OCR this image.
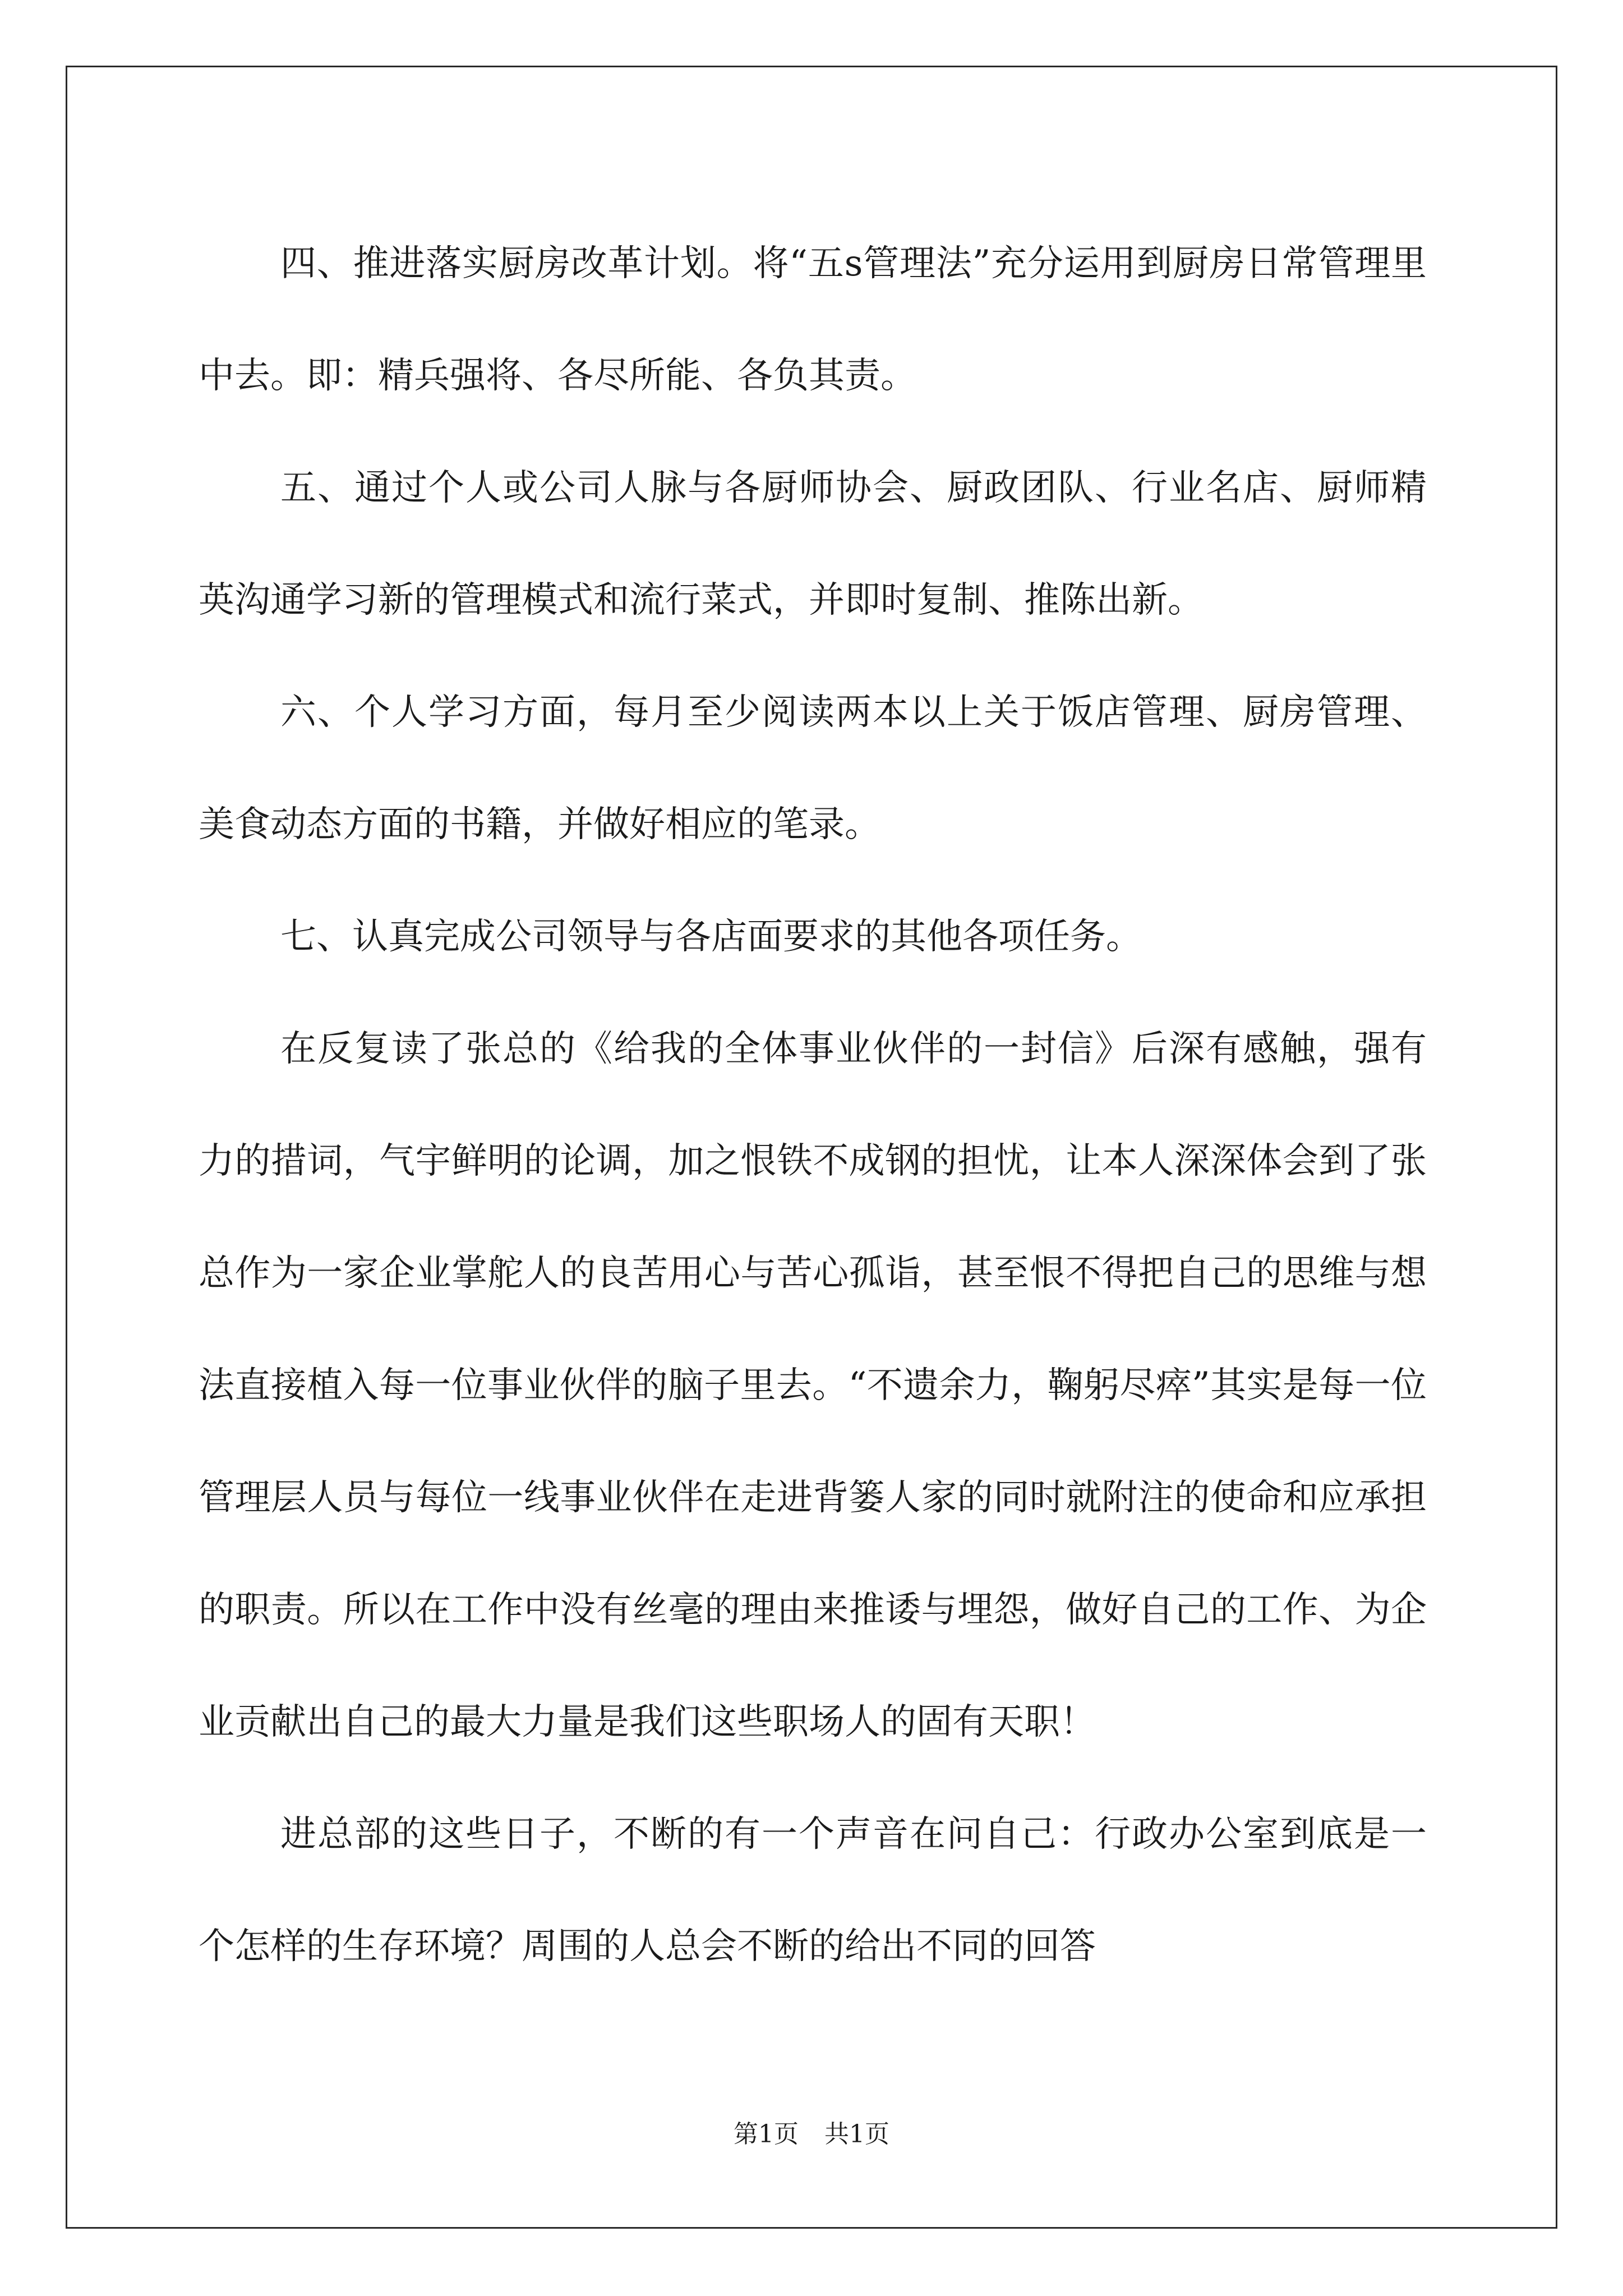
四、推进落实厨房改革计划。将“五s管理法”充分运用到厨房日常管理里中去。即：精兵强将、各尽所能、各负其责。

五、通过个人或公司人脉与各厨师协会、厨政团队、行业名店、厨师精英沟通学习新的管理模式和流行菜式，并即时复制、推陈出新。

六、个人学习方面，每月至少阅读两本以上关于饭店管理、厨房管理、美食动态方面的书籍，并做好相应的笔录。

七、认真完成公司领导与各店面要求的其他各项任务。

在反复读了张总的《给我的全体事业伙伴的一封信》后深有感触，强有力的措词，气宇鲜明的论调，加之恨铁不成钢的担忧，让本人深深体会到了张总作为一家企业掌舵人的良苦用心与苦心孤诣，甚至恨不得把自己的思维与想法直接植入每一位事业伙伴的脑子里去。“不遗余力，鞠躬尽瘁”其实是每一位管理层人员与每位一线事业伙伴在走进背篓人家的同时就附注的使命和应承担的职责。所以在工作中没有丝毫的理由来推诿与埋怨，做好自己的工作、为企业贡献出自己的最大力量是我们这些职场人的固有天职！

进总部的这些日子，不断的有一个声音在问自己：行政办公室到底是一个怎样的生存环境？周围的人总会不断的给出不同的回答

第1页 共1页
